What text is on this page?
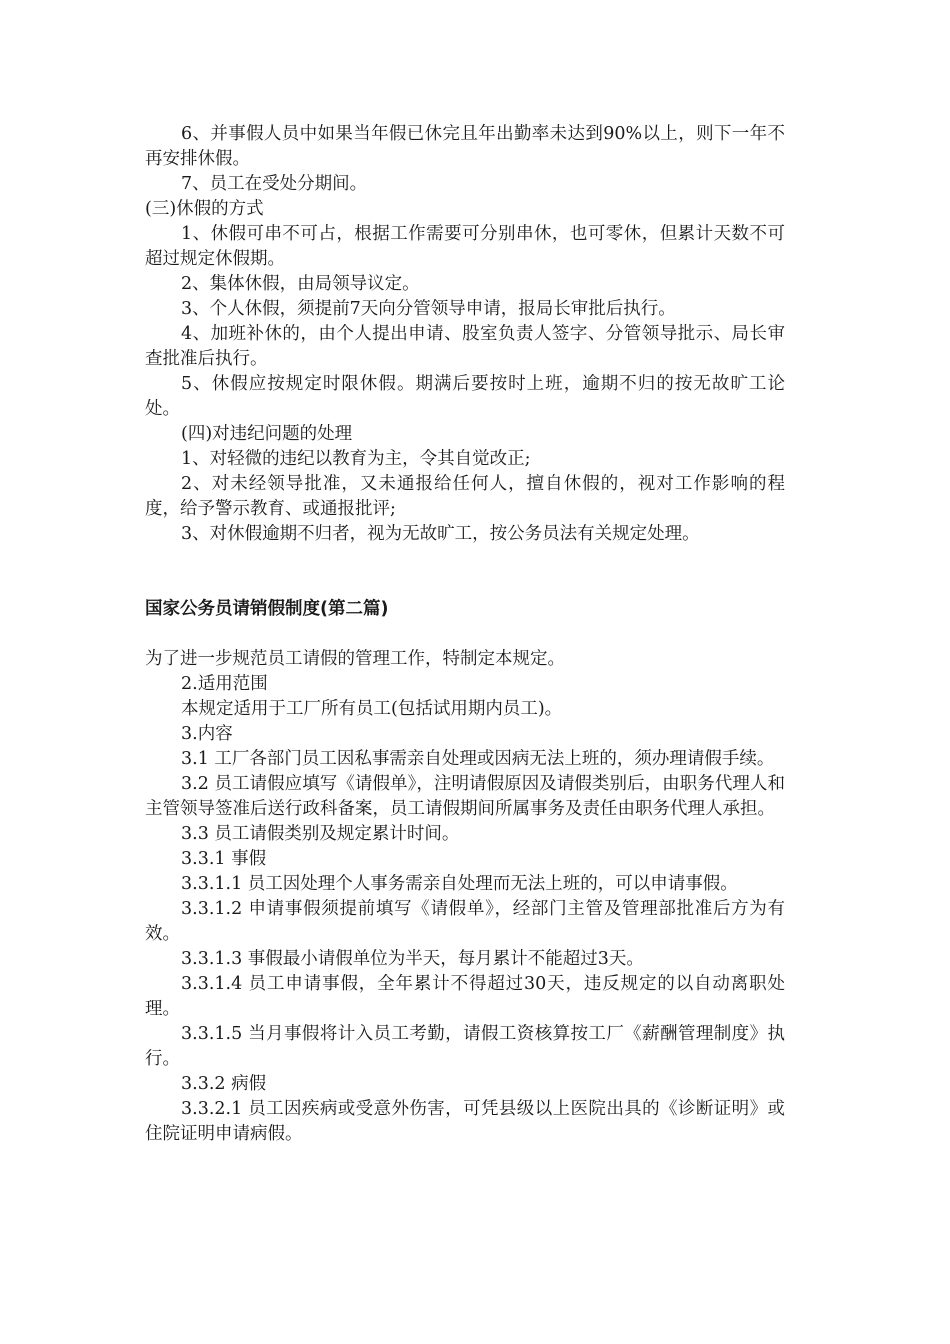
6、并事假人员中如果当年假已休完且年出勤率未达到90%以上，则下一年不再安排休假。

7、员工在受处分期间。

(三)休假的方式

1、休假可串不可占，根据工作需要可分别串休，也可零休，但累计天数不可超过规定休假期。

2、集体休假，由局领导议定。

3、个人休假，须提前7天向分管领导申请，报局长审批后执行。

4、加班补休的，由个人提出申请、股室负责人签字、分管领导批示、局长审查批准后执行。

5、休假应按规定时限休假。期满后要按时上班，逾期不归的按无故旷工论处。

(四)对违纪问题的处理

1、对轻微的违纪以教育为主，令其自觉改正;

2、对未经领导批准，又未通报给任何人，擅自休假的，视对工作影响的程度，给予警示教育、或通报批评;

3、对休假逾期不归者，视为无故旷工，按公务员法有关规定处理。

国家公务员请销假制度(第二篇)

为了进一步规范员工请假的管理工作，特制定本规定。

2.适用范围

本规定适用于工厂所有员工(包括试用期内员工)。

3.内容

3.1 工厂各部门员工因私事需亲自处理或因病无法上班的，须办理请假手续。

3.2 员工请假应填写《请假单》，注明请假原因及请假类别后，由职务代理人和主管领导签准后送行政科备案，员工请假期间所属事务及责任由职务代理人承担。

3.3 员工请假类别及规定累计时间。

3.3.1 事假

3.3.1.1 员工因处理个人事务需亲自处理而无法上班的，可以申请事假。

3.3.1.2 申请事假须提前填写《请假单》，经部门主管及管理部批准后方为有效。

3.3.1.3 事假最小请假单位为半天，每月累计不能超过3天。

3.3.1.4 员工申请事假，全年累计不得超过30天，违反规定的以自动离职处理。

3.3.1.5 当月事假将计入员工考勤，请假工资核算按工厂《薪酬管理制度》执行。

3.3.2 病假

3.3.2.1 员工因疾病或受意外伤害，可凭县级以上医院出具的《诊断证明》或住院证明申请病假。
